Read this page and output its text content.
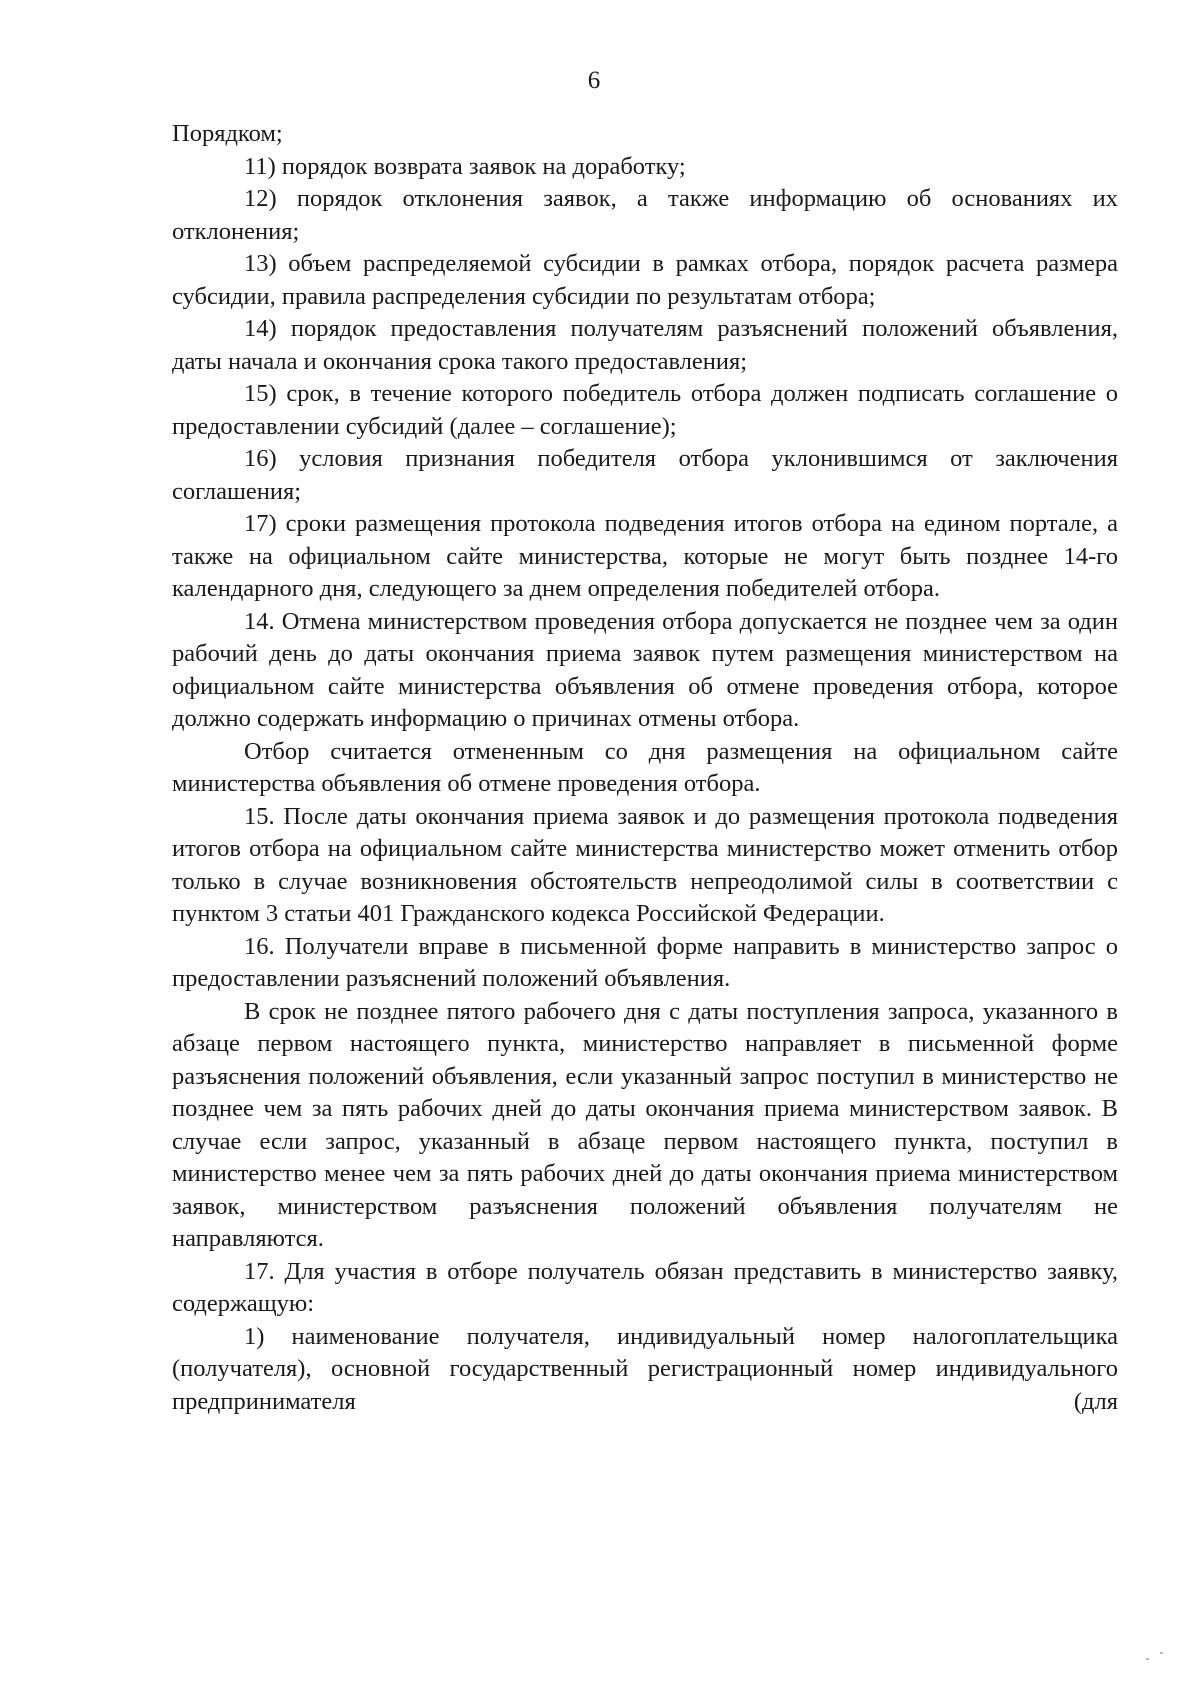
6

Порядком;

11) порядок возврата заявок на доработку;

12) порядок отклонения заявок, а также информацию об основаниях их отклонения;

13) объем распределяемой субсидии в рамках отбора, порядок расчета размера субсидии, правила распределения субсидии по результатам отбора;

14) порядок предоставления получателям разъяснений положений объявления, даты начала и окончания срока такого предоставления;

15) срок, в течение которого победитель отбора должен подписать соглашение о предоставлении субсидий (далее – соглашение);

16) условия признания победителя отбора уклонившимся от заключения соглашения;

17) сроки размещения протокола подведения итогов отбора на едином портале, а также на официальном сайте министерства, которые не могут быть позднее 14-го календарного дня, следующего за днем определения победителей отбора.

14. Отмена министерством проведения отбора допускается не позднее чем за один рабочий день до даты окончания приема заявок путем размещения министерством на официальном сайте министерства объявления об отмене проведения отбора, которое должно содержать информацию о причинах отмены отбора.

Отбор считается отмененным со дня размещения на официальном сайте министерства объявления об отмене проведения отбора.

15. После даты окончания приема заявок и до размещения протокола подведения итогов отбора на официальном сайте министерства министерство может отменить отбор только в случае возникновения обстоятельств непреодолимой силы в соответствии с пунктом 3 статьи 401 Гражданского кодекса Российской Федерации.

16. Получатели вправе в письменной форме направить в министерство запрос о предоставлении разъяснений положений объявления.

В срок не позднее пятого рабочего дня с даты поступления запроса, указанного в абзаце первом настоящего пункта, министерство направляет в письменной форме разъяснения положений объявления, если указанный запрос поступил в министерство не позднее чем за пять рабочих дней до даты окончания приема министерством заявок. В случае если запрос, указанный в абзаце первом настоящего пункта, поступил в министерство менее чем за пять рабочих дней до даты окончания приема министерством заявок, министерством разъяснения положений объявления получателям не направляются.

17. Для участия в отборе получатель обязан представить в министерство заявку, содержащую:

1) наименование получателя, индивидуальный номер налогоплательщика (получателя), основной государственный регистрационный номер индивидуального предпринимателя (для
